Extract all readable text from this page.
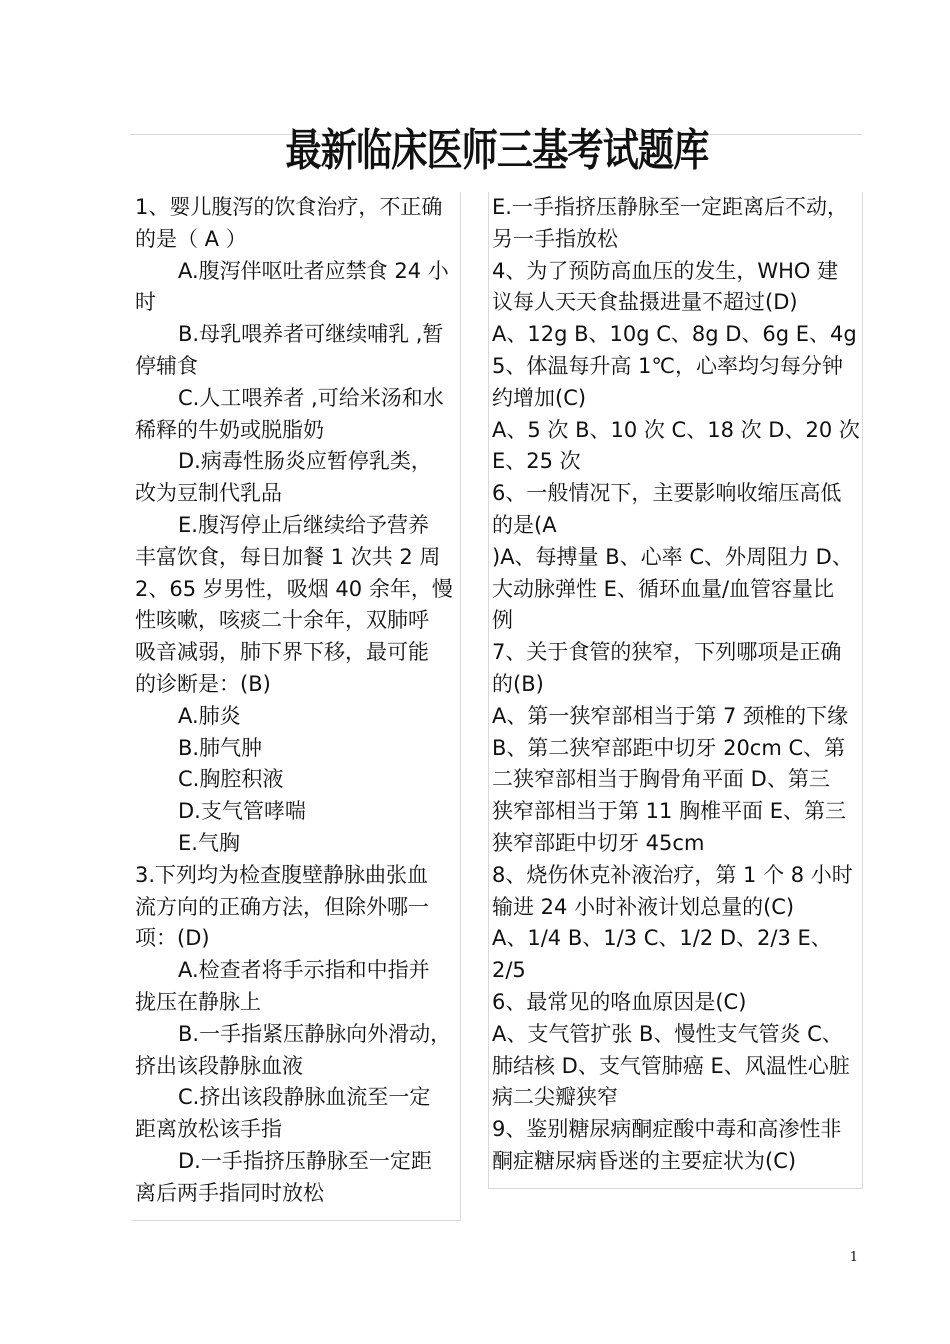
最新临床医师三基考试题库
1、婴儿腹泻的饮食治疗，不正确
的是（ A ）
A.腹泻伴呕吐者应禁食 24 小
时
B.母乳喂养者可继续哺乳 ,暂
停辅食
C.人工喂养者 ,可给米汤和水
稀释的牛奶或脱脂奶
D.病毒性肠炎应暂停乳类，
改为豆制代乳品
E.腹泻停止后继续给予营养
丰富饮食，每日加餐 1 次共 2 周
2、65 岁男性，吸烟 40 余年，慢
性咳嗽，咳痰二十余年，双肺呼
吸音减弱，肺下界下移，最可能
的诊断是：(B)
A.肺炎
B.肺气肿
C.胸腔积液
D.支气管哮喘
E.气胸
3.下列均为检查腹壁静脉曲张血
流方向的正确方法，但除外哪一
项：(D)
A.检查者将手示指和中指并
拢压在静脉上
B.一手指紧压静脉向外滑动，
挤出该段静脉血液
C.挤出该段静脉血流至一定
距离放松该手指
D.一手指挤压静脉至一定距
离后两手指同时放松
E.一手指挤压静脉至一定距离后不动，
另一手指放松
4、为了预防高血压的发生，WHO 建
议每人天天食盐摄进量不超过(D)
A、12g B、10g C、8g D、6g E、4g
5、体温每升高 1℃，心率均匀每分钟
约增加(C)
A、5 次 B、10 次 C、18 次 D、20 次
E、25 次
6、一般情况下，主要影响收缩压高低
的是(A
)A、每搏量 B、心率 C、外周阻力 D、
大动脉弹性 E、循环血量/血管容量比
例
7、关于食管的狭窄，下列哪项是正确
的(B)
A、第一狭窄部相当于第 7 颈椎的下缘
B、第二狭窄部距中切牙 20cm C、第
二狭窄部相当于胸骨角平面 D、第三
狭窄部相当于第 11 胸椎平面 E、第三
狭窄部距中切牙 45cm
8、烧伤休克补液治疗，第 1 个 8 小时
输进 24 小时补液计划总量的(C)
A、1/4 B、1/3 C、1/2 D、2/3 E、
2/5
6、最常见的咯血原因是(C)
A、支气管扩张 B、慢性支气管炎 C、
肺结核 D、支气管肺癌 E、风温性心脏
病二尖瓣狭窄
9、鉴别糖尿病酮症酸中毒和高渗性非
酮症糖尿病昏迷的主要症状为(C)
1
